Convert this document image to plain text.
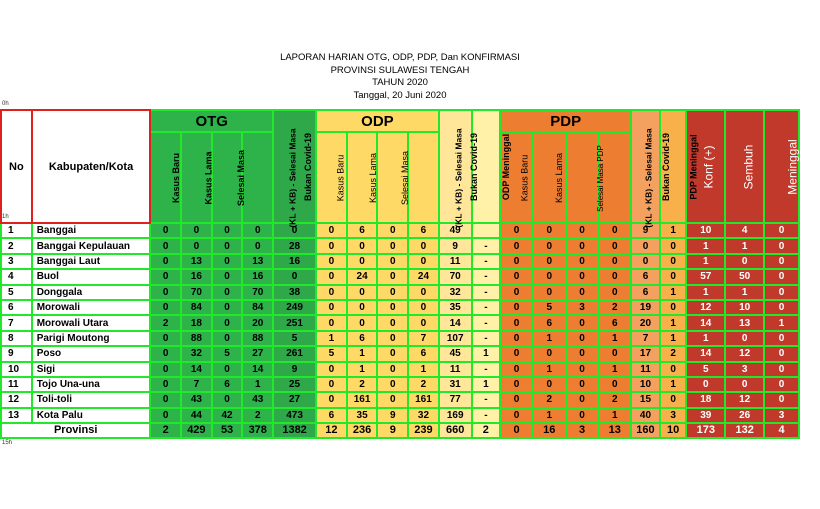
LAPORAN HARIAN OTG, ODP, PDP, Dan KONFIRMASI
PROVINSI SULAWESI TENGAH
TAHUN 2020
Tanggal, 20 Juni 2020
0h
No	Kabupaten/Kota	OTG				Bukan Covid-19	ODP				Bukan Covid-19	ODP Meninggal	PDP				Bukan Covid-19	PDP Meninggal	Konf (+)	Sembuh	Meninggal
		Kasus Baru	Kasus Lama	Selesai Masa	(KL + KB) - Selesai Masa		Kasus Baru	Kasus Lama	Selesai Masa	(KL + KB) - Selesai Masa			Kasus Baru	Kasus Lama	Selesai Masa PDP	(KL + KB) - Selesai Masa					
1	Banggai	0	0	0	0	0	0	6	0	6	49		0	0	0	0	9	1	10	4	0
2	Banggai Kepulauan	0	0	0	0	28	0	0	0	0	9	-	0	0	0	0	0	0	1	1	0
3	Banggai Laut	0	13	0	13	16	0	0	0	0	11	-	0	0	0	0	0	0	1	0	0
4	Buol	0	16	0	16	0	0	24	0	24	70	-	0	0	0	0	6	0	57	50	0
5	Donggala	0	70	0	70	38	0	0	0	0	32	-	0	0	0	0	6	1	1	1	0
6	Morowali	0	84	0	84	249	0	0	0	0	35	-	0	5	3	2	19	0	12	10	0
7	Morowali Utara	2	18	0	20	251	0	0	0	0	14	-	0	6	0	6	20	1	14	13	1
8	Parigi Moutong	0	88	0	88	5	1	6	0	7	107	-	0	1	0	1	7	1	1	0	0
9	Poso	0	32	5	27	261	5	1	0	6	45	1	0	0	0	0	17	2	14	12	0
10	Sigi	0	14	0	14	9	0	1	0	1	11	-	0	1	0	1	11	0	5	3	0
11	Tojo Una-una	0	7	6	1	25	0	2	0	2	31	1	0	0	0	0	10	1	0	0	0
12	Toli-toli	0	43	0	43	27	0	161	0	161	77	-	0	2	0	2	15	0	18	12	0
13	Kota Palu	0	44	42	2	473	6	35	9	32	169	-	0	1	0	1	40	3	39	26	3
Provinsi		2	429	53	378	1382	12	236	9	239	660	2	0	16	3	13	160	10	173	132	4
15h
1h
